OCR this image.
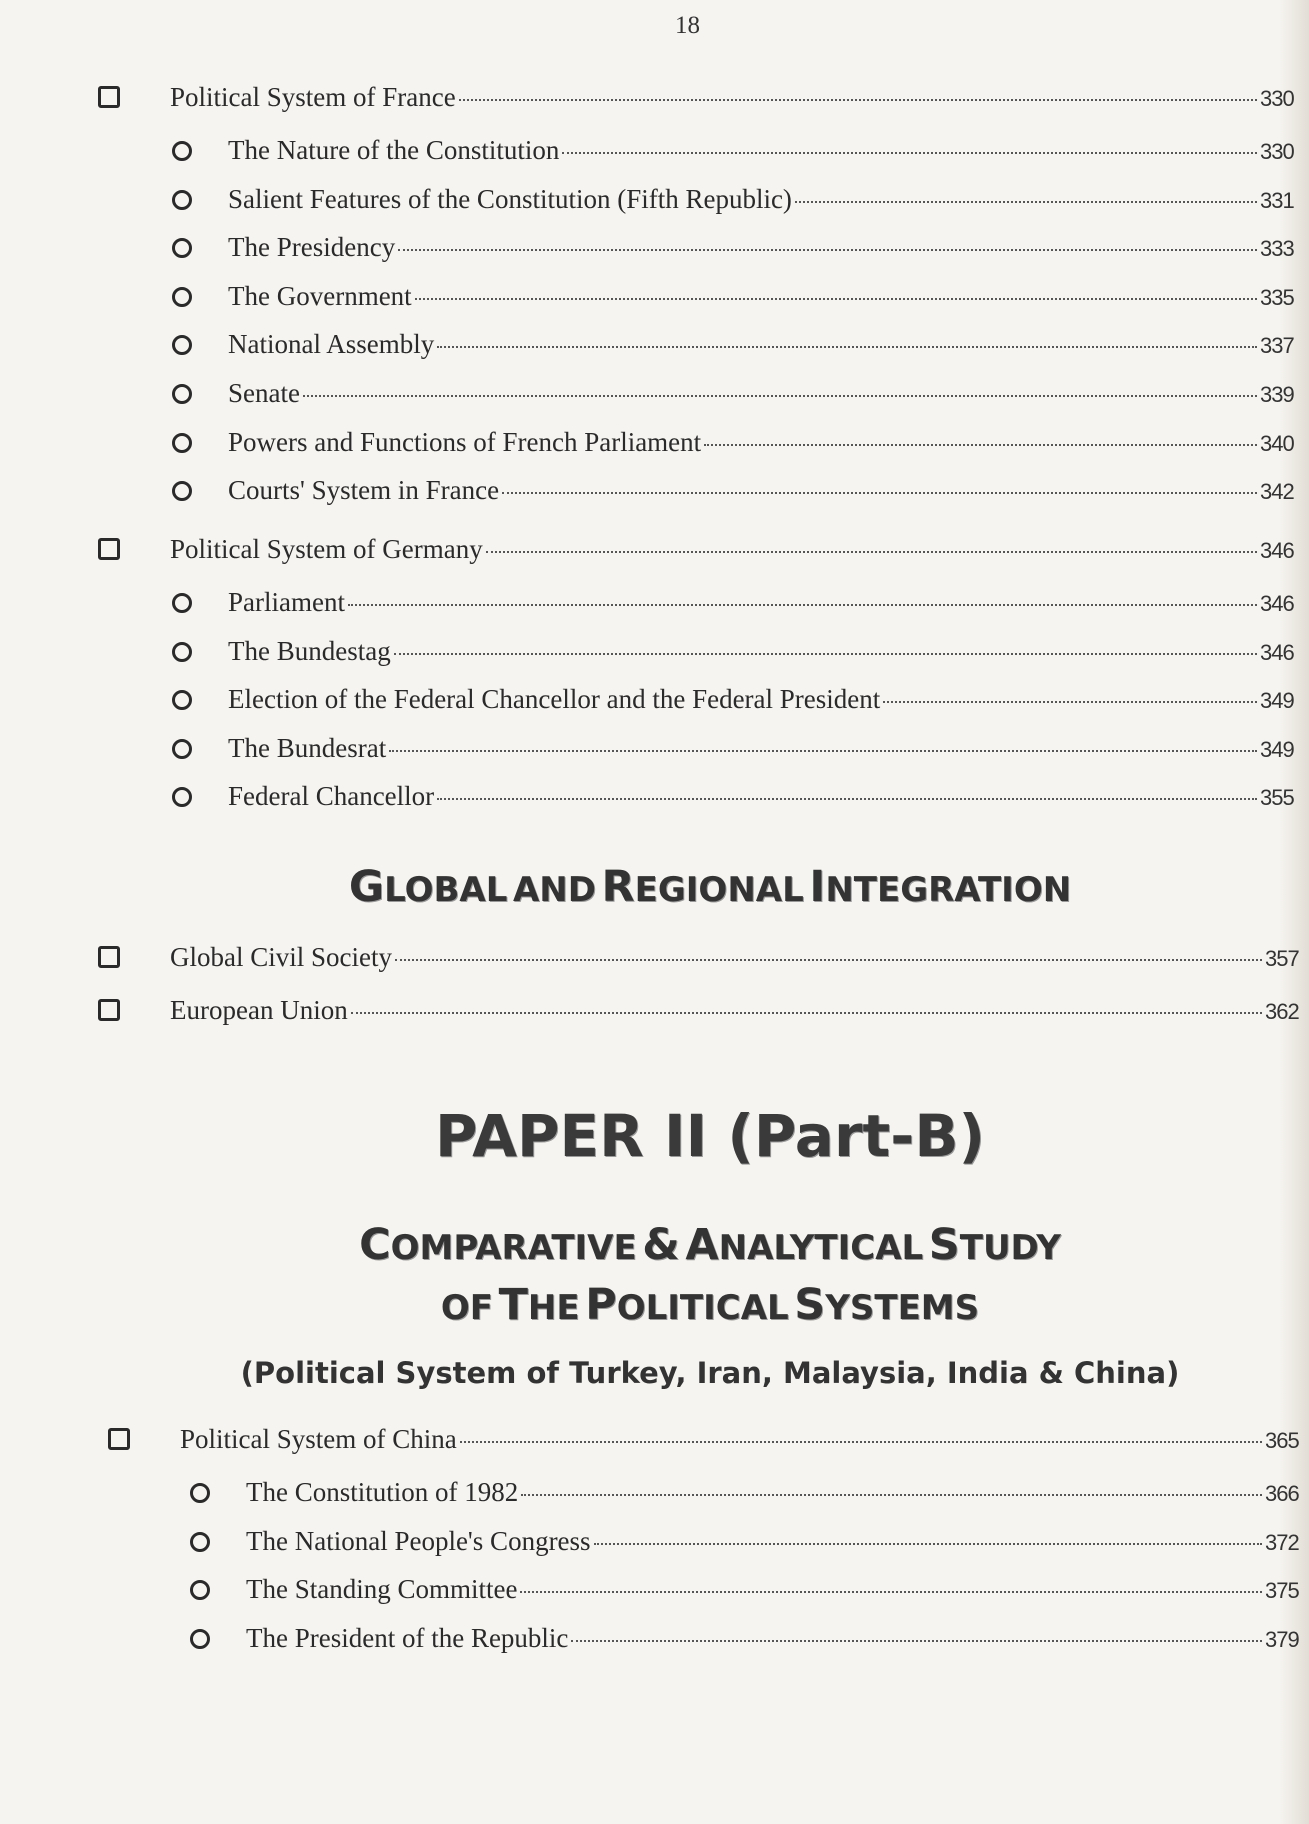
18
Political System of France	330
The Nature of the Constitution	330
Salient Features of the Constitution (Fifth Republic)	331
The Presidency	333
The Government	335
National Assembly	337
Senate	339
Powers and Functions of French Parliament	340
Courts' System in France	342
Political System of Germany	346
Parliament	346
The Bundestag	346
Election of the Federal Chancellor and the Federal President	349
The Bundesrat	349
Federal Chancellor	355
GLOBAL AND REGIONAL INTEGRATION
Global Civil Society	357
European Union	362
PAPER II (Part-B)
COMPARATIVE & ANALYTICAL STUDY
OF THE POLITICAL SYSTEMS
(Political System of Turkey, Iran, Malaysia, India & China)
Political System of China	365
The Constitution of 1982	366
The National People's Congress	372
The Standing Committee	375
The President of the Republic	379
